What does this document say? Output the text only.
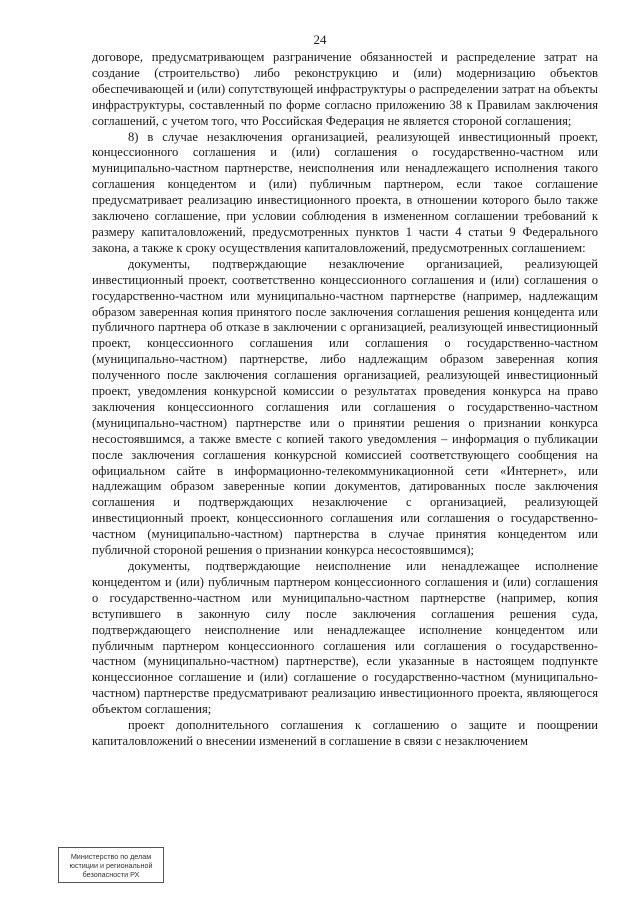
24

договоре, предусматривающем разграничение обязанностей и распределение затрат на создание (строительство) либо реконструкцию и (или) модернизацию объектов обеспечивающей и (или) сопутствующей инфраструктуры о распределении затрат на объекты инфраструктуры, составленный по форме согласно приложению 38 к Правилам заключения соглашений, с учетом того, что Российская Федерация не является стороной соглашения;

8) в случае незаключения организацией, реализующей инвестиционный проект, концессионного соглашения и (или) соглашения о государственно-частном или муниципально-частном партнерстве, неисполнения или ненадлежащего исполнения такого соглашения концедентом и (или) публичным партнером, если такое соглашение предусматривает реализацию инвестиционного проекта, в отношении которого было также заключено соглашение, при условии соблюдения в измененном соглашении требований к размеру капиталовложений, предусмотренных пунктов 1 части 4 статьи 9 Федерального закона, а также к сроку осуществления капиталовложений, предусмотренных соглашением:

документы, подтверждающие незаключение организацией, реализующей инвестиционный проект, соответственно концессионного соглашения и (или) соглашения о государственно-частном или муниципально-частном партнерстве (например, надлежащим образом заверенная копия принятого после заключения соглашения решения концедента или публичного партнера об отказе в заключении с организацией, реализующей инвестиционный проект, концессионного соглашения или соглашения о государственно-частном (муниципально-частном) партнерстве, либо надлежащим образом заверенная копия полученного после заключения соглашения организацией, реализующей инвестиционный проект, уведомления конкурсной комиссии о результатах проведения конкурса на право заключения концессионного соглашения или соглашения о государственно-частном (муниципально-частном) партнерстве или о принятии решения о признании конкурса несостоявшимся, а также вместе с копией такого уведомления – информация о публикации после заключения соглашения конкурсной комиссией соответствующего сообщения на официальном сайте в информационно-телекоммуникационной сети «Интернет», или надлежащим образом заверенные копии документов, датированных после заключения соглашения и подтверждающих незаключение с организацией, реализующей инвестиционный проект, концессионного соглашения или соглашения о государственно-частном (муниципально-частном) партнерства в случае принятия концедентом или публичной стороной решения о признании конкурса несостоявшимся);

документы, подтверждающие неисполнение или ненадлежащее исполнение концедентом и (или) публичным партнером концессионного соглашения и (или) соглашения о государственно-частном или муниципально-частном партнерстве (например, копия вступившего в законную силу после заключения соглашения решения суда, подтверждающего неисполнение или ненадлежащее исполнение концедентом или публичным партнером концессионного соглашения или соглашения о государственно-частном (муниципально-частном) партнерстве), если указанные в настоящем подпункте концессионное соглашение и (или) соглашение о государственно-частном (муниципально-частном) партнерстве предусматривают реализацию инвестиционного проекта, являющегося объектом соглашения;

проект дополнительного соглашения к соглашению о защите и поощрении капиталовложений о внесении изменений в соглашение в связи с незаключением

Министерство по делам
юстиции и региональной
безопасности РХ
